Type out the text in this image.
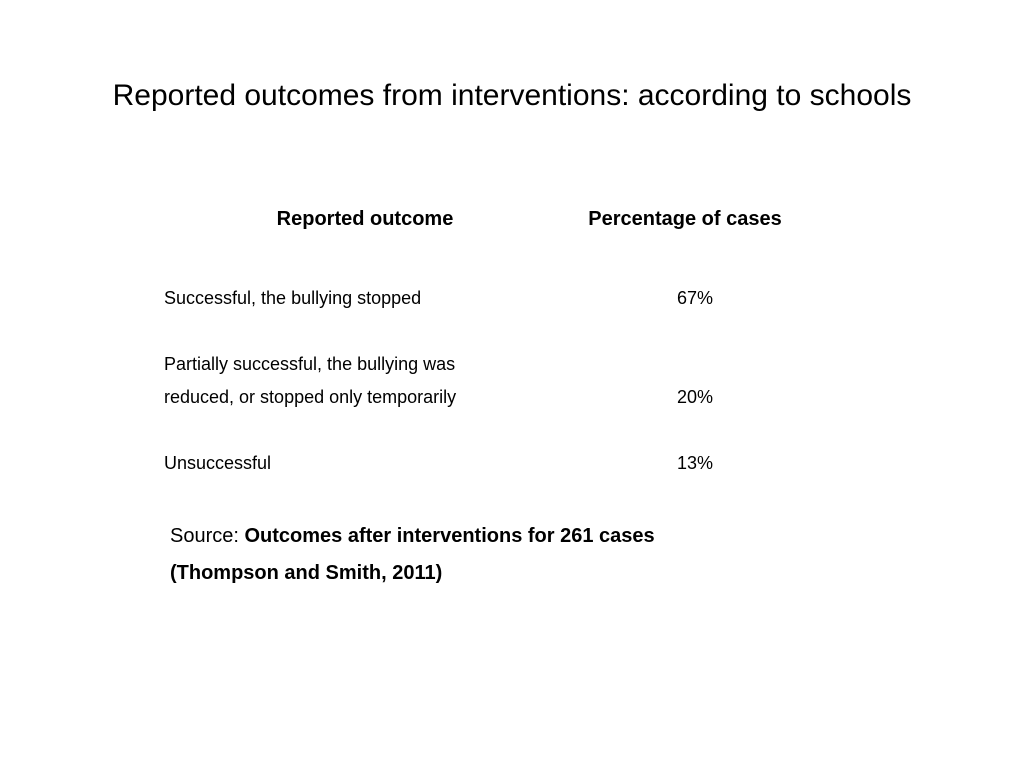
Reported outcomes from interventions: according to schools
Reported outcome	Percentage of cases
Successful, the bullying stopped	67%
Partially successful, the bullying was
reduced, or stopped only temporarily	20%
Unsuccessful	13%
Source: Outcomes after interventions for 261 cases
(Thompson and Smith, 2011)
